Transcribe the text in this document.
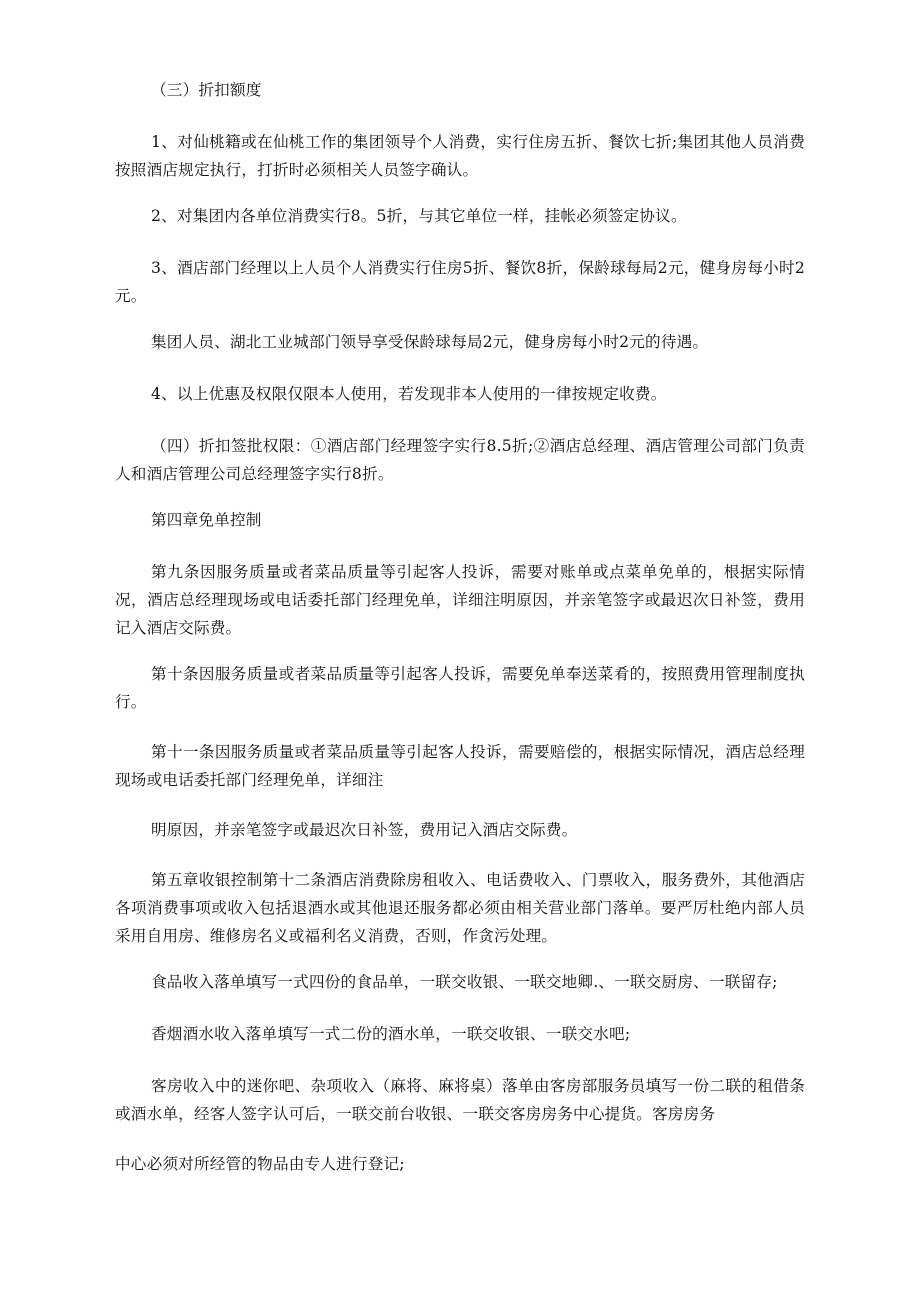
（三）折扣额度

1、对仙桃籍或在仙桃工作的集团领导个人消费，实行住房五折、餐饮七折;集团其他人员消费按照酒店规定执行，打折时必须相关人员签字确认。

2、对集团内各单位消费实行8。5折，与其它单位一样，挂帐必须签定协议。

3、酒店部门经理以上人员个人消费实行住房5折、餐饮8折，保龄球每局2元，健身房每小时2元。

集团人员、湖北工业城部门领导享受保龄球每局2元，健身房每小时2元的待遇。

4、以上优惠及权限仅限本人使用，若发现非本人使用的一律按规定收费。

（四）折扣签批权限：①酒店部门经理签字实行8.5折;②酒店总经理、酒店管理公司部门负责人和酒店管理公司总经理签字实行8折。

第四章免单控制

第九条因服务质量或者菜品质量等引起客人投诉，需要对账单或点菜单免单的，根据实际情况，酒店总经理现场或电话委托部门经理免单，详细注明原因，并亲笔签字或最迟次日补签，费用记入酒店交际费。

第十条因服务质量或者菜品质量等引起客人投诉，需要免单奉送菜肴的，按照费用管理制度执行。

第十一条因服务质量或者菜品质量等引起客人投诉，需要赔偿的，根据实际情况，酒店总经理现场或电话委托部门经理免单，详细注

明原因，并亲笔签字或最迟次日补签，费用记入酒店交际费。

第五章收银控制第十二条酒店消费除房租收入、电话费收入、门票收入，服务费外，其他酒店各项消费事项或收入包括退酒水或其他退还服务都必须由相关营业部门落单。要严厉杜绝内部人员采用自用房、维修房名义或福利名义消费，否则，作贪污处理。

食品收入落单填写一式四份的食品单，一联交收银、一联交地卿.、一联交厨房、一联留存;

香烟酒水收入落单填写一式二份的酒水单，一联交收银、一联交水吧;

客房收入中的迷你吧、杂项收入（麻将、麻将桌）落单由客房部服务员填写一份二联的租借条或酒水单，经客人签字认可后，一联交前台收银、一联交客房房务中心提货。客房房务

中心必须对所经管的物品由专人进行登记;
